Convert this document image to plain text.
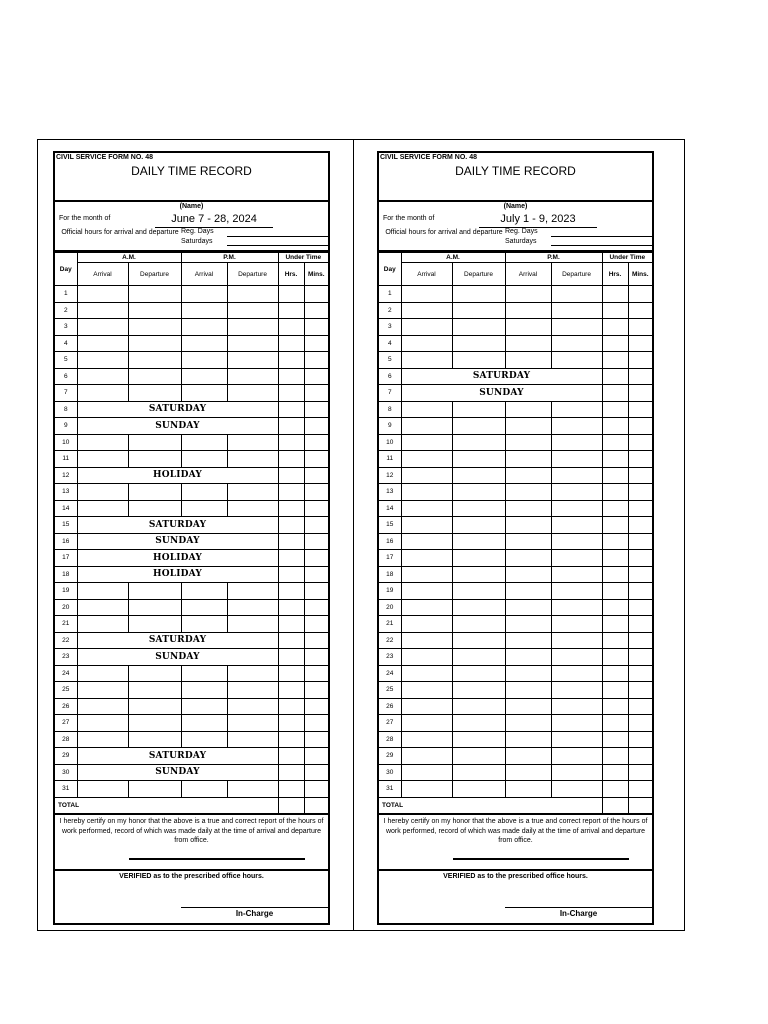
CIVIL SERVICE FORM NO. 48
DAILY TIME RECORD
(Name)
For the month of	June 7 - 28, 2024
Official hours for arrival and departure Reg. Days
Saturdays
Day	A.M.		P.M.		Under Time	
	Arrival	Departure	Arrival	Departure	Hrs.	Mins.
1						
2						
3						
4						
5						
6						
7						
8	SATURDAY					
9	SUNDAY					
10						
11						
12	HOLIDAY					
13						
14						
15	SATURDAY					
16	SUNDAY					
17	HOLIDAY					
18	HOLIDAY					
19						
20						
21						
22	SATURDAY					
23	SUNDAY					
24						
25						
26						
27						
28						
29	SATURDAY					
30	SUNDAY					
31						
TOTAL						
I hereby certify on my honor that the above is a true and correct report of the hours of work performed, record of which was made daily at the time of arrival and departure from office.
VERIFIED as to the prescribed office hours.
In-Charge
CIVIL SERVICE FORM NO. 48
DAILY TIME RECORD
(Name)
For the month of	July 1 - 9, 2023
Official hours for arrival and departure Reg. Days
Saturdays
Day	A.M.		P.M.		Under Time	
	Arrival	Departure	Arrival	Departure	Hrs.	Mins.
1						
2						
3						
4						
5						
6	SATURDAY					
7	SUNDAY					
8						
9						
10						
11						
12						
13						
14						
15						
16						
17						
18						
19						
20						
21						
22						
23						
24						
25						
26						
27						
28						
29						
30						
31						
TOTAL						
I hereby certify on my honor that the above is a true and correct report of the hours of work performed, record of which was made daily at the time of arrival and departure from office.
VERIFIED as to the prescribed office hours.
In-Charge
